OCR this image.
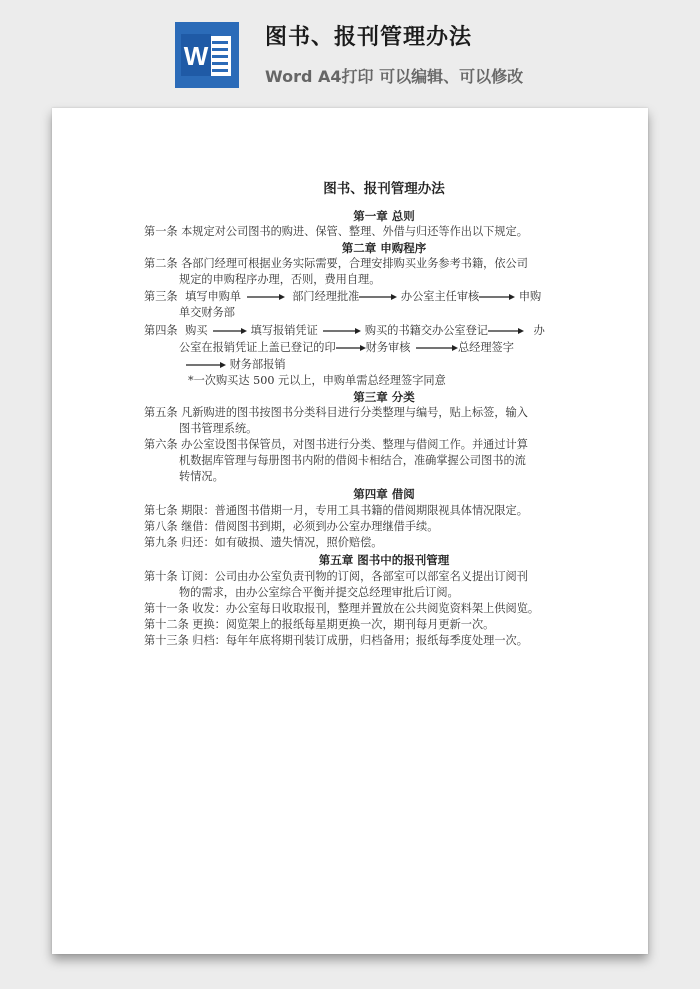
W
图书、报刊管理办法
Word A4打印 可以编辑、可以修改
图书、报刊管理办法
第一章 总则
第一条 本规定对公司图书的购进、保管、整理、外借与归还等作出以下规定。
第二章 申购程序
第二条 各部门经理可根据业务实际需要，合理安排购买业务参考书籍，依公司
规定的申购程序办理，否则，费用自理。
第三条 填写申购单	部门经理批准	办公室主任审核	申购
单交财务部
第四条 购买	填写报销凭证	购买的书籍交办公室登记	办
公室在报销凭证上盖已登记的印	财务审核	总经理签字
财务部报销
*一次购买达 500 元以上，申购单需总经理签字同意
第三章 分类
第五条 凡新购进的图书按图书分类科目进行分类整理与编号，贴上标签，输入
图书管理系统。
第六条 办公室设图书保管员，对图书进行分类、整理与借阅工作。并通过计算
机数据库管理与每册图书内附的借阅卡相结合，准确掌握公司图书的流
转情况。
第四章 借阅
第七条 期限：普通图书借期一月，专用工具书籍的借阅期限视具体情况限定。
第八条 继借：借阅图书到期，必须到办公室办理继借手续。
第九条 归还：如有破损、遗失情况，照价赔偿。
第五章 图书中的报刊管理
第十条 订阅：公司由办公室负责刊物的订阅，各部室可以部室名义提出订阅刊
物的需求，由办公室综合平衡并提交总经理审批后订阅。
第十一条 收发：办公室每日收取报刊，整理并置放在公共阅览资料架上供阅览。
第十二条 更换：阅览架上的报纸每星期更换一次，期刊每月更新一次。
第十三条 归档：每年年底将期刊装订成册，归档备用；报纸每季度处理一次。
